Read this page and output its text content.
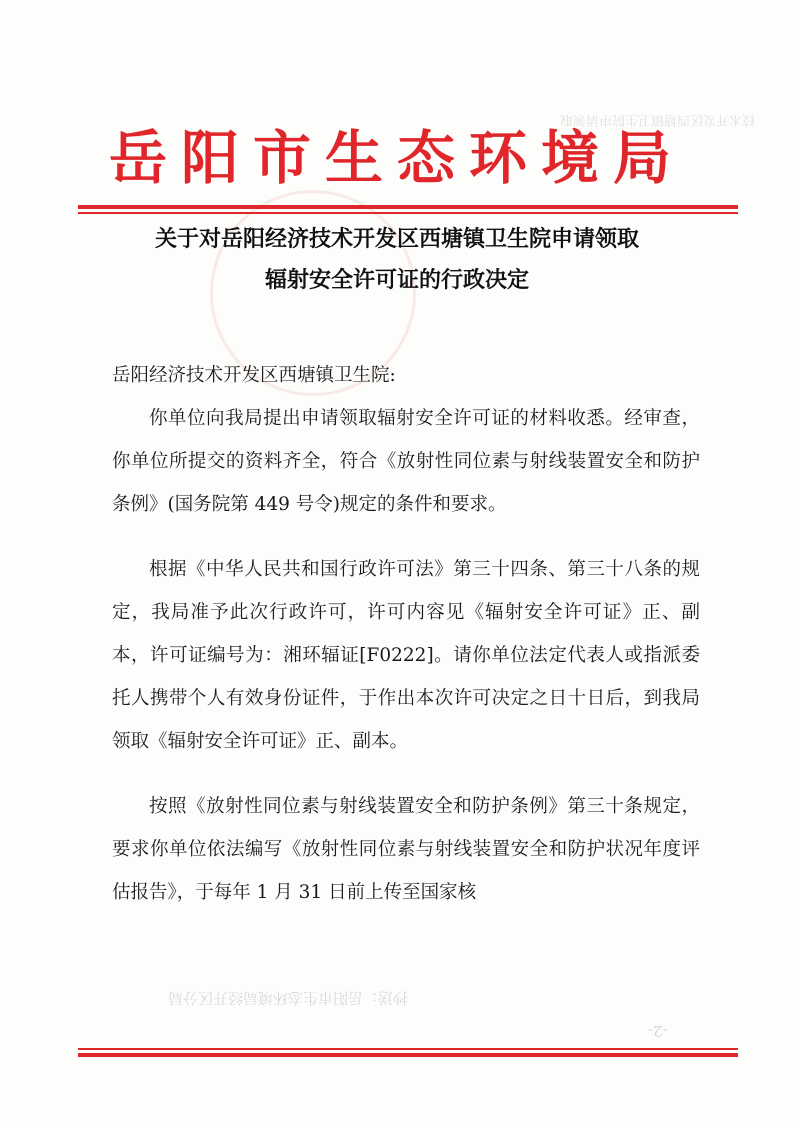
技术开发区西塘镇卫生院申请领取
岳阳市生态环境局
关于对岳阳经济技术开发区西塘镇卫生院申请领取
辐射安全许可证的行政决定

岳阳经济技术开发区西塘镇卫生院:

你单位向我局提出申请领取辐射安全许可证的材料收悉。经审查，你单位所提交的资料齐全，符合《放射性同位素与射线装置安全和防护条例》(国务院第 449 号令)规定的条件和要求。

根据《中华人民共和国行政许可法》第三十四条、第三十八条的规定，我局准予此次行政许可，许可内容见《辐射安全许可证》正、副本，许可证编号为：湘环辐证[F0222]。请你单位法定代表人或指派委托人携带个人有效身份证件，于作出本次许可决定之日十日后，到我局领取《辐射安全许可证》正、副本。

按照《放射性同位素与射线装置安全和防护条例》第三十条规定，要求你单位依法编写《放射性同位素与射线装置安全和防护状况年度评估报告》，于每年 1 月 31 日前上传至国家核

抄送：岳阳市生态环境局经开区分局
-2-
